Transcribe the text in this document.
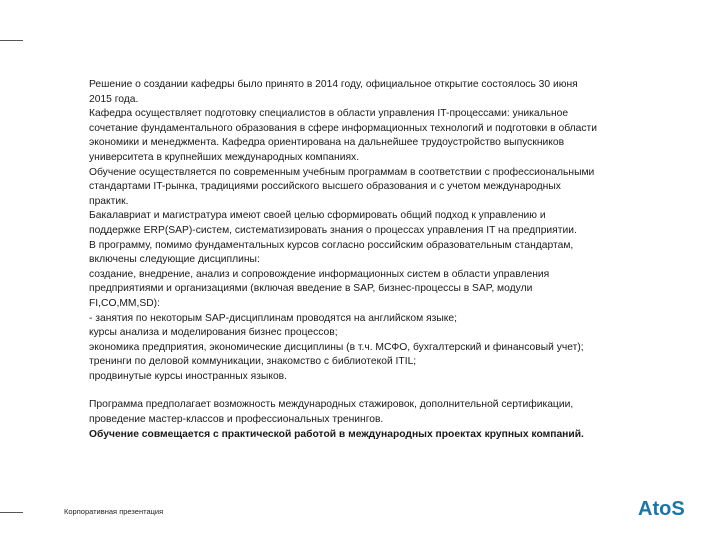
Решение о создании кафедры было принято в 2014 году, официальное открытие состоялось 30 июня
2015 года.
Кафедра осуществляет подготовку специалистов в области управления IT-процессами: уникальное
сочетание фундаментального образования в сфере информационных технологий и подготовки в области
экономики и менеджмента. Кафедра ориентирована на дальнейшее трудоустройство выпускников
университета в крупнейших международных компаниях.
Обучение осуществляется по современным учебным программам в соответствии с профессиональными
стандартами IT-рынка, традициями российского высшего образования и с учетом международных
практик.
Бакалавриат и магистратура имеют своей целью сформировать общий подход к управлению и
поддержке ERP(SAP)-систем, систематизировать знания о процессах управления IT на предприятии.
В программу, помимо фундаментальных курсов согласно российским образовательным стандартам,
включены следующие дисциплины:
создание, внедрение, анализ и сопровождение информационных систем в области управления
предприятиями и организациями (включая введение в SAP, бизнес-процессы в SAP, модули
FI,CO,MM,SD):
- занятия по некоторым SAP-дисциплинам проводятся на английском языке;
курсы анализа и моделирования бизнес процессов;
экономика предприятия, экономические дисциплины (в т.ч. МСФО, бухгалтерский и финансовый учет);
тренинги по деловой коммуникации, знакомство с библиотекой ITIL;
продвинутые курсы иностранных языков.
Программа предполагает возможность международных стажировок, дополнительной сертификации,
проведение мастер-классов и профессиональных тренингов.
Обучение совмещается с практической работой в международных проектах крупных компаний.
Корпоративная презентация	AtoS
